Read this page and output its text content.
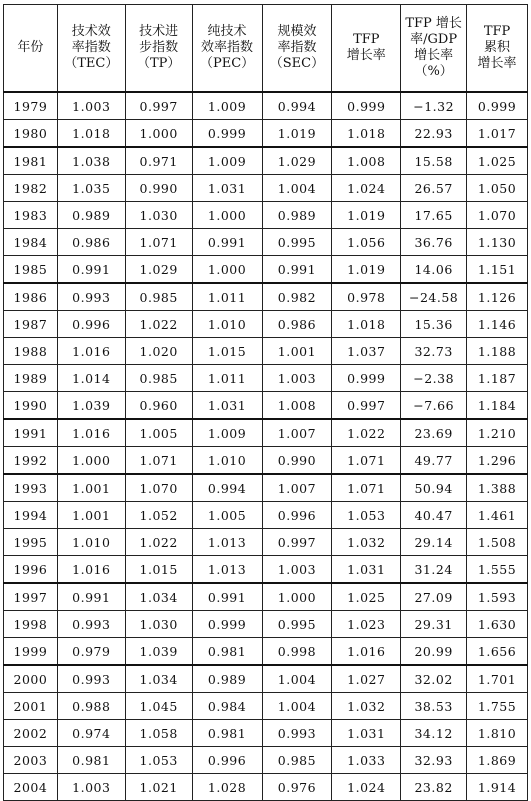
年份	技术效
率指数
（TEC）	技术进
步指数
（TP）	纯技术
效率指数
（PEC）	规模效
率指数
（SEC）	TFP
增长率	TFP 增长
率/GDP
增长率
（%）	TFP
累积
增长率
1979	1.003	0.997	1.009	0.994	0.999	−1.32	0.999
1980	1.018	1.000	0.999	1.019	1.018	22.93	1.017
1981	1.038	0.971	1.009	1.029	1.008	15.58	1.025
1982	1.035	0.990	1.031	1.004	1.024	26.57	1.050
1983	0.989	1.030	1.000	0.989	1.019	17.65	1.070
1984	0.986	1.071	0.991	0.995	1.056	36.76	1.130
1985	0.991	1.029	1.000	0.991	1.019	14.06	1.151
1986	0.993	0.985	1.011	0.982	0.978	−24.58	1.126
1987	0.996	1.022	1.010	0.986	1.018	15.36	1.146
1988	1.016	1.020	1.015	1.001	1.037	32.73	1.188
1989	1.014	0.985	1.011	1.003	0.999	−2.38	1.187
1990	1.039	0.960	1.031	1.008	0.997	−7.66	1.184
1991	1.016	1.005	1.009	1.007	1.022	23.69	1.210
1992	1.000	1.071	1.010	0.990	1.071	49.77	1.296
1993	1.001	1.070	0.994	1.007	1.071	50.94	1.388
1994	1.001	1.052	1.005	0.996	1.053	40.47	1.461
1995	1.010	1.022	1.013	0.997	1.032	29.14	1.508
1996	1.016	1.015	1.013	1.003	1.031	31.24	1.555
1997	0.991	1.034	0.991	1.000	1.025	27.09	1.593
1998	0.993	1.030	0.999	0.995	1.023	29.31	1.630
1999	0.979	1.039	0.981	0.998	1.016	20.99	1.656
2000	0.993	1.034	0.989	1.004	1.027	32.02	1.701
2001	0.988	1.045	0.984	1.004	1.032	38.53	1.755
2002	0.974	1.058	0.981	0.993	1.031	34.12	1.810
2003	0.981	1.053	0.996	0.985	1.033	32.93	1.869
2004	1.003	1.021	1.028	0.976	1.024	23.82	1.914
